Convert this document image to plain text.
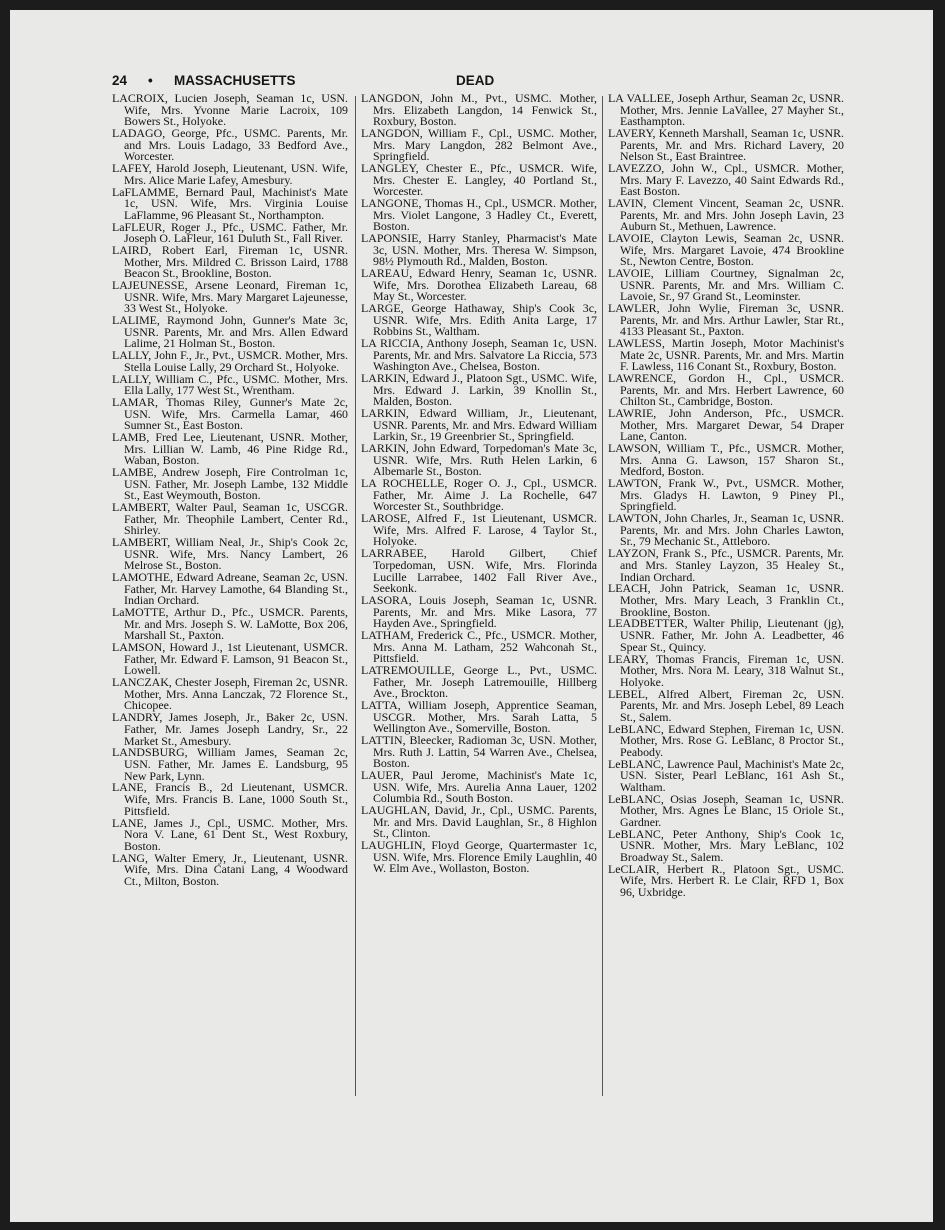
24 • MASSACHUSETTS	DEAD

LACROIX, Lucien Joseph, Seaman 1c, USN. Wife, Mrs. Yvonne Marie Lacroix, 109 Bowers St., Holyoke.

LADAGO, George, Pfc., USMC. Parents, Mr. and Mrs. Louis Ladago, 33 Bedford Ave., Worcester.

LAFEY, Harold Joseph, Lieutenant, USN. Wife, Mrs. Alice Marie Lafey, Amesbury.

LaFLAMME, Bernard Paul, Machinist's Mate 1c, USN. Wife, Mrs. Virginia Louise LaFlamme, 96 Pleasant St., Northampton.

LaFLEUR, Roger J., Pfc., USMC. Father, Mr. Joseph O. LaFleur, 161 Duluth St., Fall River.

LAIRD, Robert Earl, Fireman 1c, USNR. Mother, Mrs. Mildred C. Brisson Laird, 1788 Beacon St., Brookline, Boston.

LAJEUNESSE, Arsene Leonard, Fireman 1c, USNR. Wife, Mrs. Mary Margaret Lajeunesse, 33 West St., Holyoke.

LALIME, Raymond John, Gunner's Mate 3c, USNR. Parents, Mr. and Mrs. Allen Edward Lalime, 21 Holman St., Boston.

LALLY, John F., Jr., Pvt., USMCR. Mother, Mrs. Stella Louise Lally, 29 Orchard St., Holyoke.

LALLY, William C., Pfc., USMC. Mother, Mrs. Ella Lally, 177 West St., Wrentham.

LAMAR, Thomas Riley, Gunner's Mate 2c, USN. Wife, Mrs. Carmella Lamar, 460 Sumner St., East Boston.

LAMB, Fred Lee, Lieutenant, USNR. Mother, Mrs. Lillian W. Lamb, 46 Pine Ridge Rd., Waban, Boston.

LAMBE, Andrew Joseph, Fire Controlman 1c, USN. Father, Mr. Joseph Lambe, 132 Middle St., East Weymouth, Boston.

LAMBERT, Walter Paul, Seaman 1c, USCGR. Father, Mr. Theophile Lambert, Center Rd., Shirley.

LAMBERT, William Neal, Jr., Ship's Cook 2c, USNR. Wife, Mrs. Nancy Lambert, 26 Melrose St., Boston.

LAMOTHE, Edward Adreane, Seaman 2c, USN. Father, Mr. Harvey Lamothe, 64 Blanding St., Indian Orchard.

LaMOTTE, Arthur D., Pfc., USMCR. Parents, Mr. and Mrs. Joseph S. W. LaMotte, Box 206, Marshall St., Paxton.

LAMSON, Howard J., 1st Lieutenant, USMCR. Father, Mr. Edward F. Lamson, 91 Beacon St., Lowell.

LANCZAK, Chester Joseph, Fireman 2c, USNR. Mother, Mrs. Anna Lanczak, 72 Florence St., Chicopee.

LANDRY, James Joseph, Jr., Baker 2c, USN. Father, Mr. James Joseph Landry, Sr., 22 Market St., Amesbury.

LANDSBURG, William James, Seaman 2c, USN. Father, Mr. James E. Landsburg, 95 New Park, Lynn.

LANE, Francis B., 2d Lieutenant, USMCR. Wife, Mrs. Francis B. Lane, 1000 South St., Pittsfield.

LANE, James J., Cpl., USMC. Mother, Mrs. Nora V. Lane, 61 Dent St., West Roxbury, Boston.

LANG, Walter Emery, Jr., Lieutenant, USNR. Wife, Mrs. Dina Catani Lang, 4 Woodward Ct., Milton, Boston.

LANGDON, John M., Pvt., USMC. Mother, Mrs. Elizabeth Langdon, 14 Fenwick St., Roxbury, Boston.

LANGDON, William F., Cpl., USMC. Mother, Mrs. Mary Langdon, 282 Belmont Ave., Springfield.

LANGLEY, Chester E., Pfc., USMCR. Wife, Mrs. Chester E. Langley, 40 Portland St., Worcester.

LANGONE, Thomas H., Cpl., USMCR. Mother, Mrs. Violet Langone, 3 Hadley Ct., Everett, Boston.

LAPONSIE, Harry Stanley, Pharmacist's Mate 3c, USN. Mother, Mrs. Theresa W. Simpson, 98½ Plymouth Rd., Malden, Boston.

LAREAU, Edward Henry, Seaman 1c, USNR. Wife, Mrs. Dorothea Elizabeth Lareau, 68 May St., Worcester.

LARGE, George Hathaway, Ship's Cook 3c, USNR. Wife, Mrs. Edith Anita Large, 17 Robbins St., Waltham.

LA RICCIA, Anthony Joseph, Seaman 1c, USN. Parents, Mr. and Mrs. Salvatore La Riccia, 573 Washington Ave., Chelsea, Boston.

LARKIN, Edward J., Platoon Sgt., USMC. Wife, Mrs. Edward J. Larkin, 39 Knollin St., Malden, Boston.

LARKIN, Edward William, Jr., Lieutenant, USNR. Parents, Mr. and Mrs. Edward William Larkin, Sr., 19 Greenbrier St., Springfield.

LARKIN, John Edward, Torpedoman's Mate 3c, USNR. Wife, Mrs. Ruth Helen Larkin, 6 Albemarle St., Boston.

LA ROCHELLE, Roger O. J., Cpl., USMCR. Father, Mr. Aime J. La Rochelle, 647 Worcester St., Southbridge.

LAROSE, Alfred F., 1st Lieutenant, USMCR. Wife, Mrs. Alfred F. Larose, 4 Taylor St., Holyoke.

LARRABEE, Harold Gilbert, Chief Torpedoman, USN. Wife, Mrs. Florinda Lucille Larrabee, 1402 Fall River Ave., Seekonk.

LASORA, Louis Joseph, Seaman 1c, USNR. Parents, Mr. and Mrs. Mike Lasora, 77 Hayden Ave., Springfield.

LATHAM, Frederick C., Pfc., USMCR. Mother, Mrs. Anna M. Latham, 252 Wahconah St., Pittsfield.

LATREMOUILLE, George L., Pvt., USMC. Father, Mr. Joseph Latremouille, Hillberg Ave., Brockton.

LATTA, William Joseph, Apprentice Seaman, USCGR. Mother, Mrs. Sarah Latta, 5 Wellington Ave., Somerville, Boston.

LATTIN, Bleecker, Radioman 3c, USN. Mother, Mrs. Ruth J. Lattin, 54 Warren Ave., Chelsea, Boston.

LAUER, Paul Jerome, Machinist's Mate 1c, USN. Wife, Mrs. Aurelia Anna Lauer, 1202 Columbia Rd., South Boston.

LAUGHLAN, David, Jr., Cpl., USMC. Parents, Mr. and Mrs. David Laughlan, Sr., 8 Highlon St., Clinton.

LAUGHLIN, Floyd George, Quartermaster 1c, USN. Wife, Mrs. Florence Emily Laughlin, 40 W. Elm Ave., Wollaston, Boston.

LA VALLEE, Joseph Arthur, Seaman 2c, USNR. Mother, Mrs. Jennie LaVallee, 27 Mayher St., Easthampton.

LAVERY, Kenneth Marshall, Seaman 1c, USNR. Parents, Mr. and Mrs. Richard Lavery, 20 Nelson St., East Braintree.

LAVEZZO, John W., Cpl., USMCR. Mother, Mrs. Mary F. Lavezzo, 40 Saint Edwards Rd., East Boston.

LAVIN, Clement Vincent, Seaman 2c, USNR. Parents, Mr. and Mrs. John Joseph Lavin, 23 Auburn St., Methuen, Lawrence.

LAVOIE, Clayton Lewis, Seaman 2c, USNR. Wife, Mrs. Margaret Lavoie, 474 Brookline St., Newton Centre, Boston.

LAVOIE, Lilliam Courtney, Signalman 2c, USNR. Parents, Mr. and Mrs. William C. Lavoie, Sr., 97 Grand St., Leominster.

LAWLER, John Wylie, Fireman 3c, USNR. Parents, Mr. and Mrs. Arthur Lawler, Star Rt., 4133 Pleasant St., Paxton.

LAWLESS, Martin Joseph, Motor Machinist's Mate 2c, USNR. Parents, Mr. and Mrs. Martin F. Lawless, 116 Conant St., Roxbury, Boston.

LAWRENCE, Gordon H., Cpl., USMCR. Parents, Mr. and Mrs. Herbert Lawrence, 60 Chilton St., Cambridge, Boston.

LAWRIE, John Anderson, Pfc., USMCR. Mother, Mrs. Margaret Dewar, 54 Draper Lane, Canton.

LAWSON, William T., Pfc., USMCR. Mother, Mrs. Anna G. Lawson, 157 Sharon St., Medford, Boston.

LAWTON, Frank W., Pvt., USMCR. Mother, Mrs. Gladys H. Lawton, 9 Piney Pl., Springfield.

LAWTON, John Charles, Jr., Seaman 1c, USNR. Parents, Mr. and Mrs. John Charles Lawton, Sr., 79 Mechanic St., Attleboro.

LAYZON, Frank S., Pfc., USMCR. Parents, Mr. and Mrs. Stanley Layzon, 35 Healey St., Indian Orchard.

LEACH, John Patrick, Seaman 1c, USNR. Mother, Mrs. Mary Leach, 3 Franklin Ct., Brookline, Boston.

LEADBETTER, Walter Philip, Lieutenant (jg), USNR. Father, Mr. John A. Leadbetter, 46 Spear St., Quincy.

LEARY, Thomas Francis, Fireman 1c, USN. Mother, Mrs. Nora M. Leary, 318 Walnut St., Holyoke.

LEBEL, Alfred Albert, Fireman 2c, USN. Parents, Mr. and Mrs. Joseph Lebel, 89 Leach St., Salem.

LeBLANC, Edward Stephen, Fireman 1c, USN. Mother, Mrs. Rose G. LeBlanc, 8 Proctor St., Peabody.

LeBLANC, Lawrence Paul, Machinist's Mate 2c, USN. Sister, Pearl LeBlanc, 161 Ash St., Waltham.

LeBLANC, Osias Joseph, Seaman 1c, USNR. Mother, Mrs. Agnes Le Blanc, 15 Oriole St., Gardner.

LeBLANC, Peter Anthony, Ship's Cook 1c, USNR. Mother, Mrs. Mary LeBlanc, 102 Broadway St., Salem.

LeCLAIR, Herbert R., Platoon Sgt., USMC. Wife, Mrs. Herbert R. Le Clair, RFD 1, Box 96, Uxbridge.
